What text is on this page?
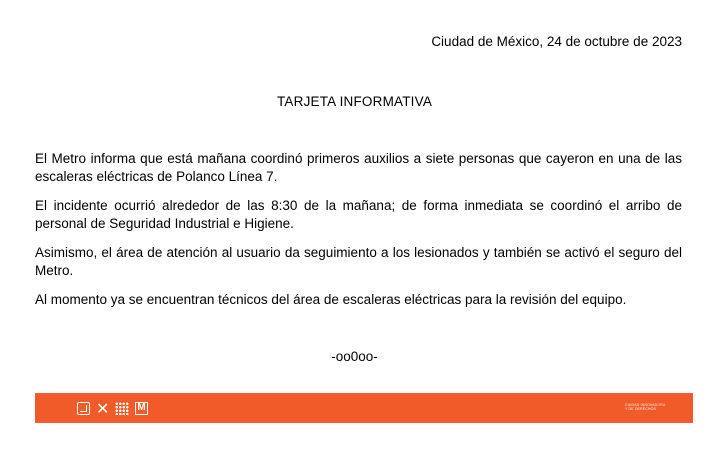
Ciudad de México, 24 de octubre de 2023
TARJETA INFORMATIVA

El Metro informa que está mañana coordinó primeros auxilios a siete personas que cayeron en una de las escaleras eléctricas de Polanco Línea 7.

El incidente ocurrió alrededor de las 8:30 de la mañana; de forma inmediata se coordinó el arribo de personal de Seguridad Industrial e Higiene.

Asimismo, el área de atención al usuario da seguimiento a los lesionados y también se activó el seguro del Metro.

Al momento ya se encuentran técnicos del área de escaleras eléctricas para la revisión del equipo.

-oo0oo-
✕	M	CIUDAD INNOVADORA
Y DE DERECHOS
